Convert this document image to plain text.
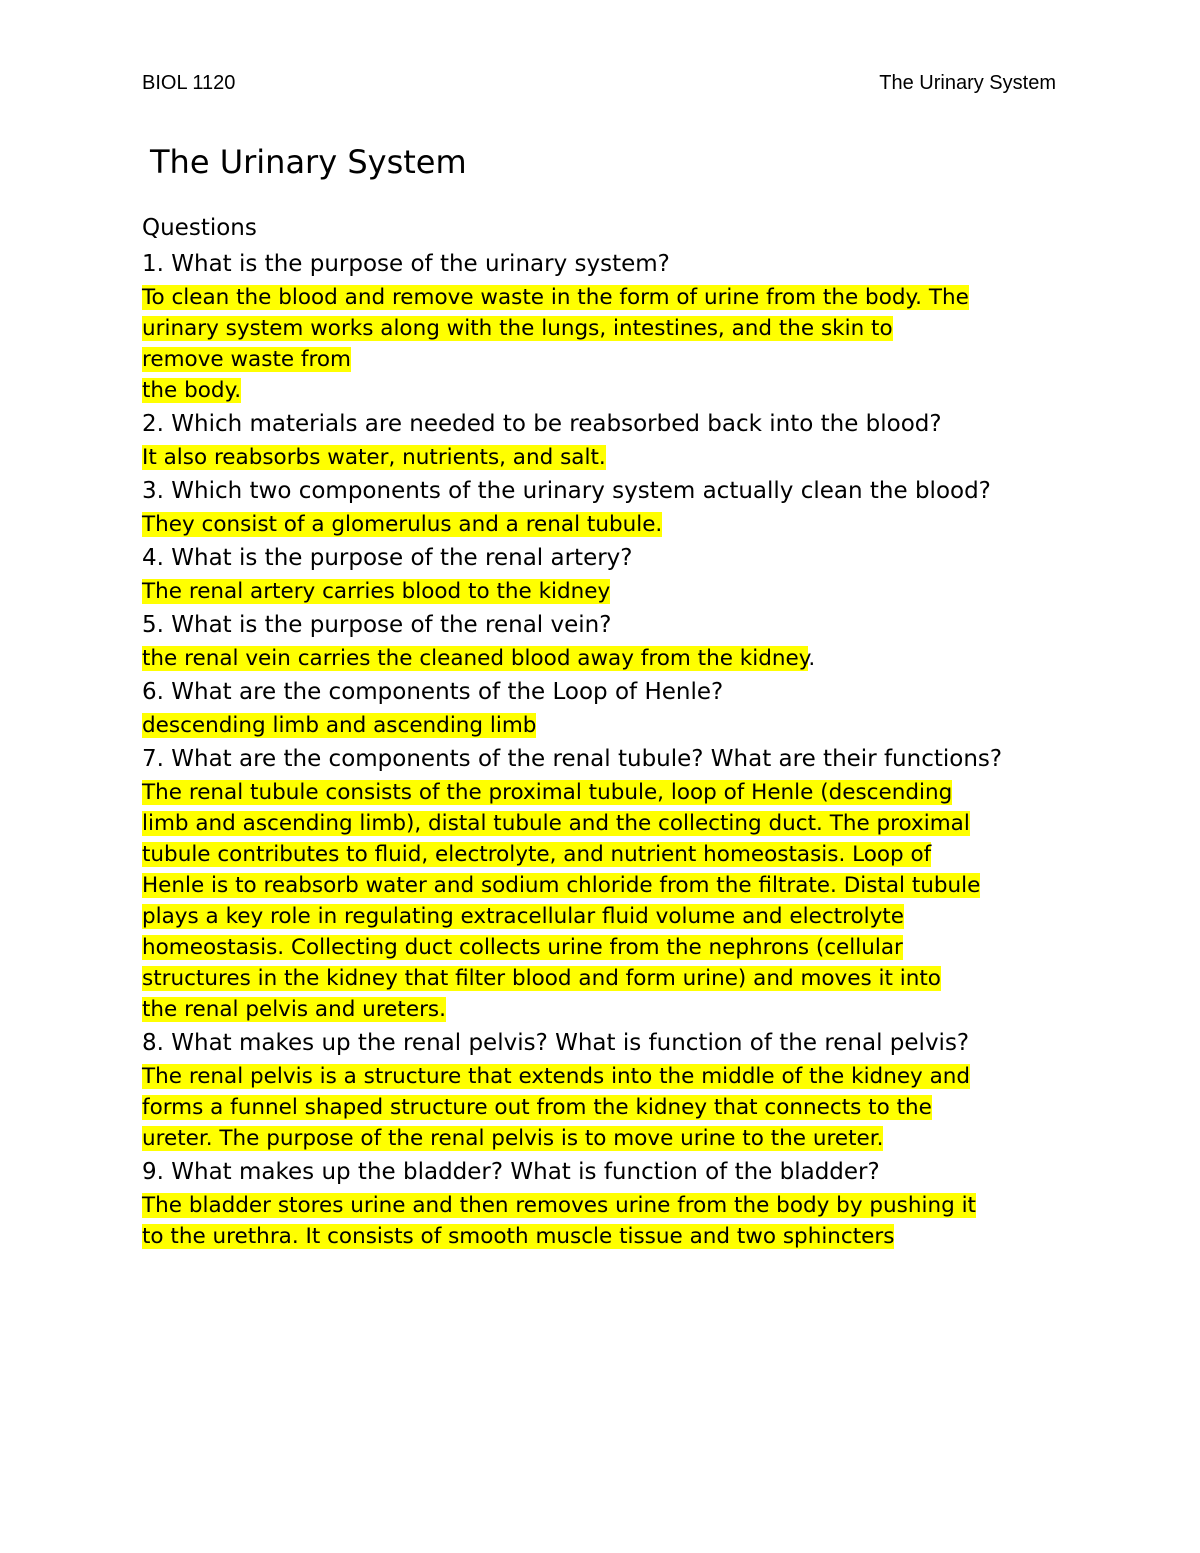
BIOL 1120	The Urinary System
The Urinary System

Questions

1. What is the purpose of the urinary system?

To clean the blood and remove waste in the form of urine from the body. The
urinary system works along with the lungs, intestines, and the skin to
remove waste from
the body.

2. Which materials are needed to be reabsorbed back into the blood?

It also reabsorbs water, nutrients, and salt.

3. Which two components of the urinary system actually clean the blood?

They consist of a glomerulus and a renal tubule.

4. What is the purpose of the renal artery?

The renal artery carries blood to the kidney

5. What is the purpose of the renal vein?

the renal vein carries the cleaned blood away from the kidney.

6. What are the components of the Loop of Henle?

descending limb and ascending limb

7. What are the components of the renal tubule? What are their functions?

The renal tubule consists of the proximal tubule, loop of Henle (descending
limb and ascending limb), distal tubule and the collecting duct. The proximal
tubule contributes to fluid, electrolyte, and nutrient homeostasis. Loop of
Henle is to reabsorb water and sodium chloride from the filtrate. Distal tubule
plays a key role in regulating extracellular fluid volume and electrolyte
homeostasis. Collecting duct collects urine from the nephrons (cellular
structures in the kidney that filter blood and form urine) and moves it into
the renal pelvis and ureters.

8. What makes up the renal pelvis? What is function of the renal pelvis?

The renal pelvis is a structure that extends into the middle of the kidney and
forms a funnel shaped structure out from the kidney that connects to the
ureter. The purpose of the renal pelvis is to move urine to the ureter.

9. What makes up the bladder? What is function of the bladder?

The bladder stores urine and then removes urine from the body by pushing it
to the urethra. It consists of smooth muscle tissue and two sphincters
